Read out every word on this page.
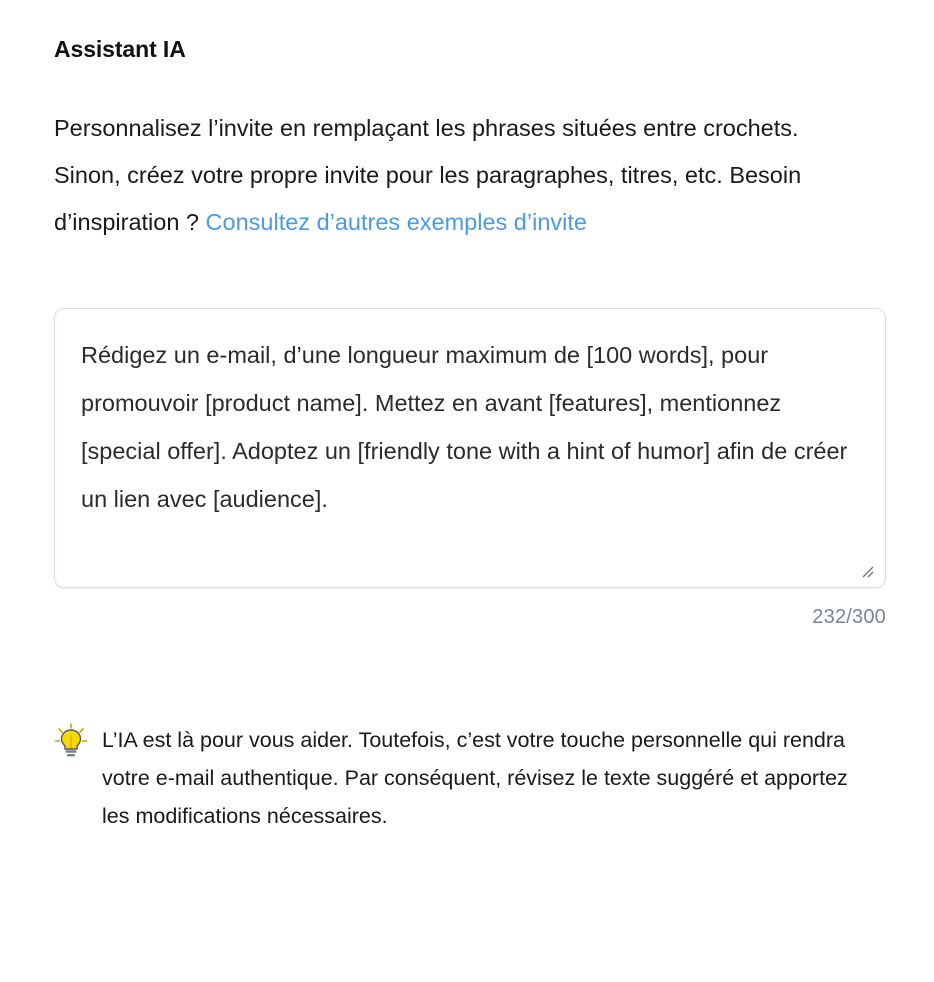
Assistant IA

Personnalisez l’invite en remplaçant les phrases situées entre crochets. Sinon, créez votre propre invite pour les paragraphes, titres, etc. Besoin d’inspiration ? Consultez d’autres exemples d’invite

Rédigez un e-mail, d’une longueur maximum de [100 words], pour promouvoir [product name]. Mettez en avant [features], mentionnez [special offer]. Adoptez un [friendly tone with a hint of humor] afin de créer un lien avec [audience].
232/300
L’IA est là pour vous aider. Toutefois, c’est votre touche personnelle qui rendra votre e-mail authentique. Par conséquent, révisez le texte suggéré et apportez les modifications nécessaires.
